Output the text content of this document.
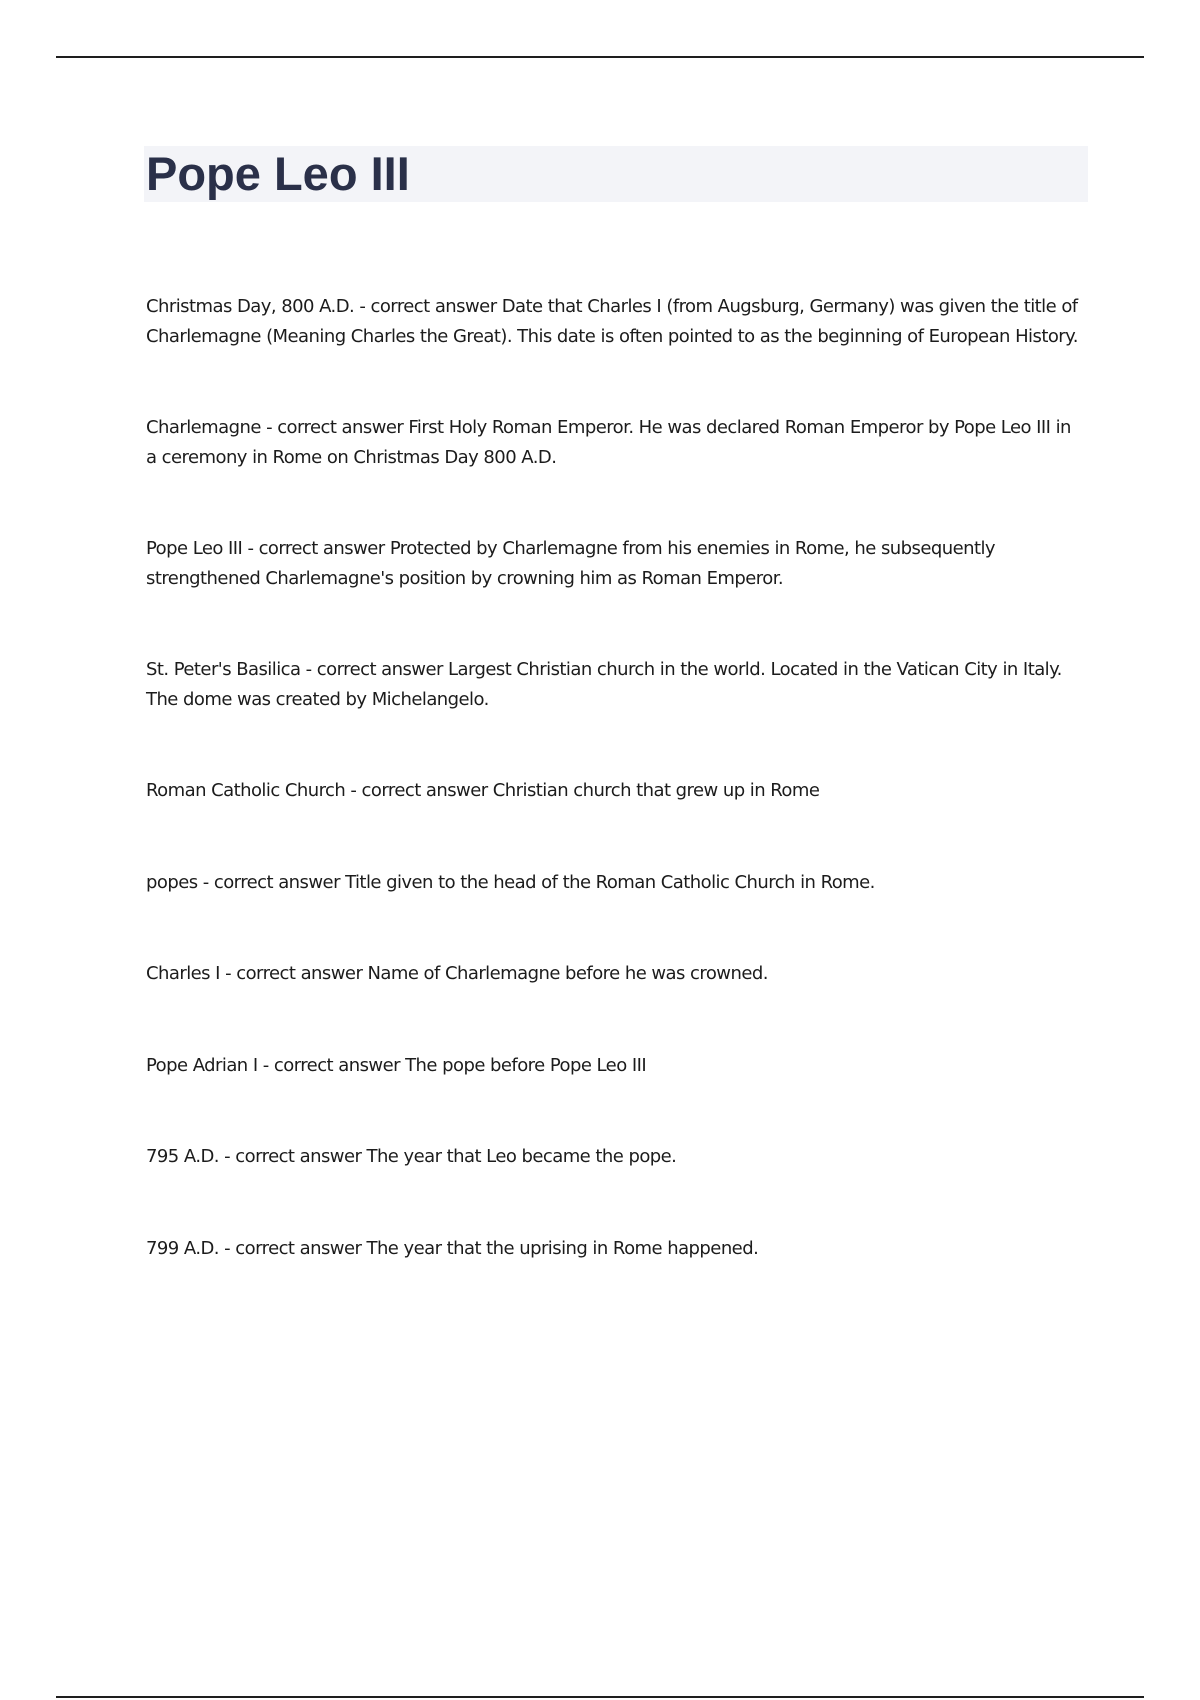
Pope Leo III

Christmas Day, 800 A.D. - correct answer Date that Charles I (from Augsburg, Germany) was given the title of Charlemagne (Meaning Charles the Great). This date is often pointed to as the beginning of European History.

Charlemagne - correct answer First Holy Roman Emperor. He was declared Roman Emperor by Pope Leo III in a ceremony in Rome on Christmas Day 800 A.D.

Pope Leo III - correct answer Protected by Charlemagne from his enemies in Rome, he subsequently strengthened Charlemagne's position by crowning him as Roman Emperor.

St. Peter's Basilica - correct answer Largest Christian church in the world. Located in the Vatican City in Italy. The dome was created by Michelangelo.

Roman Catholic Church - correct answer Christian church that grew up in Rome

popes - correct answer Title given to the head of the Roman Catholic Church in Rome.

Charles I - correct answer Name of Charlemagne before he was crowned.

Pope Adrian I - correct answer The pope before Pope Leo III

795 A.D. - correct answer The year that Leo became the pope.

799 A.D. - correct answer The year that the uprising in Rome happened.
